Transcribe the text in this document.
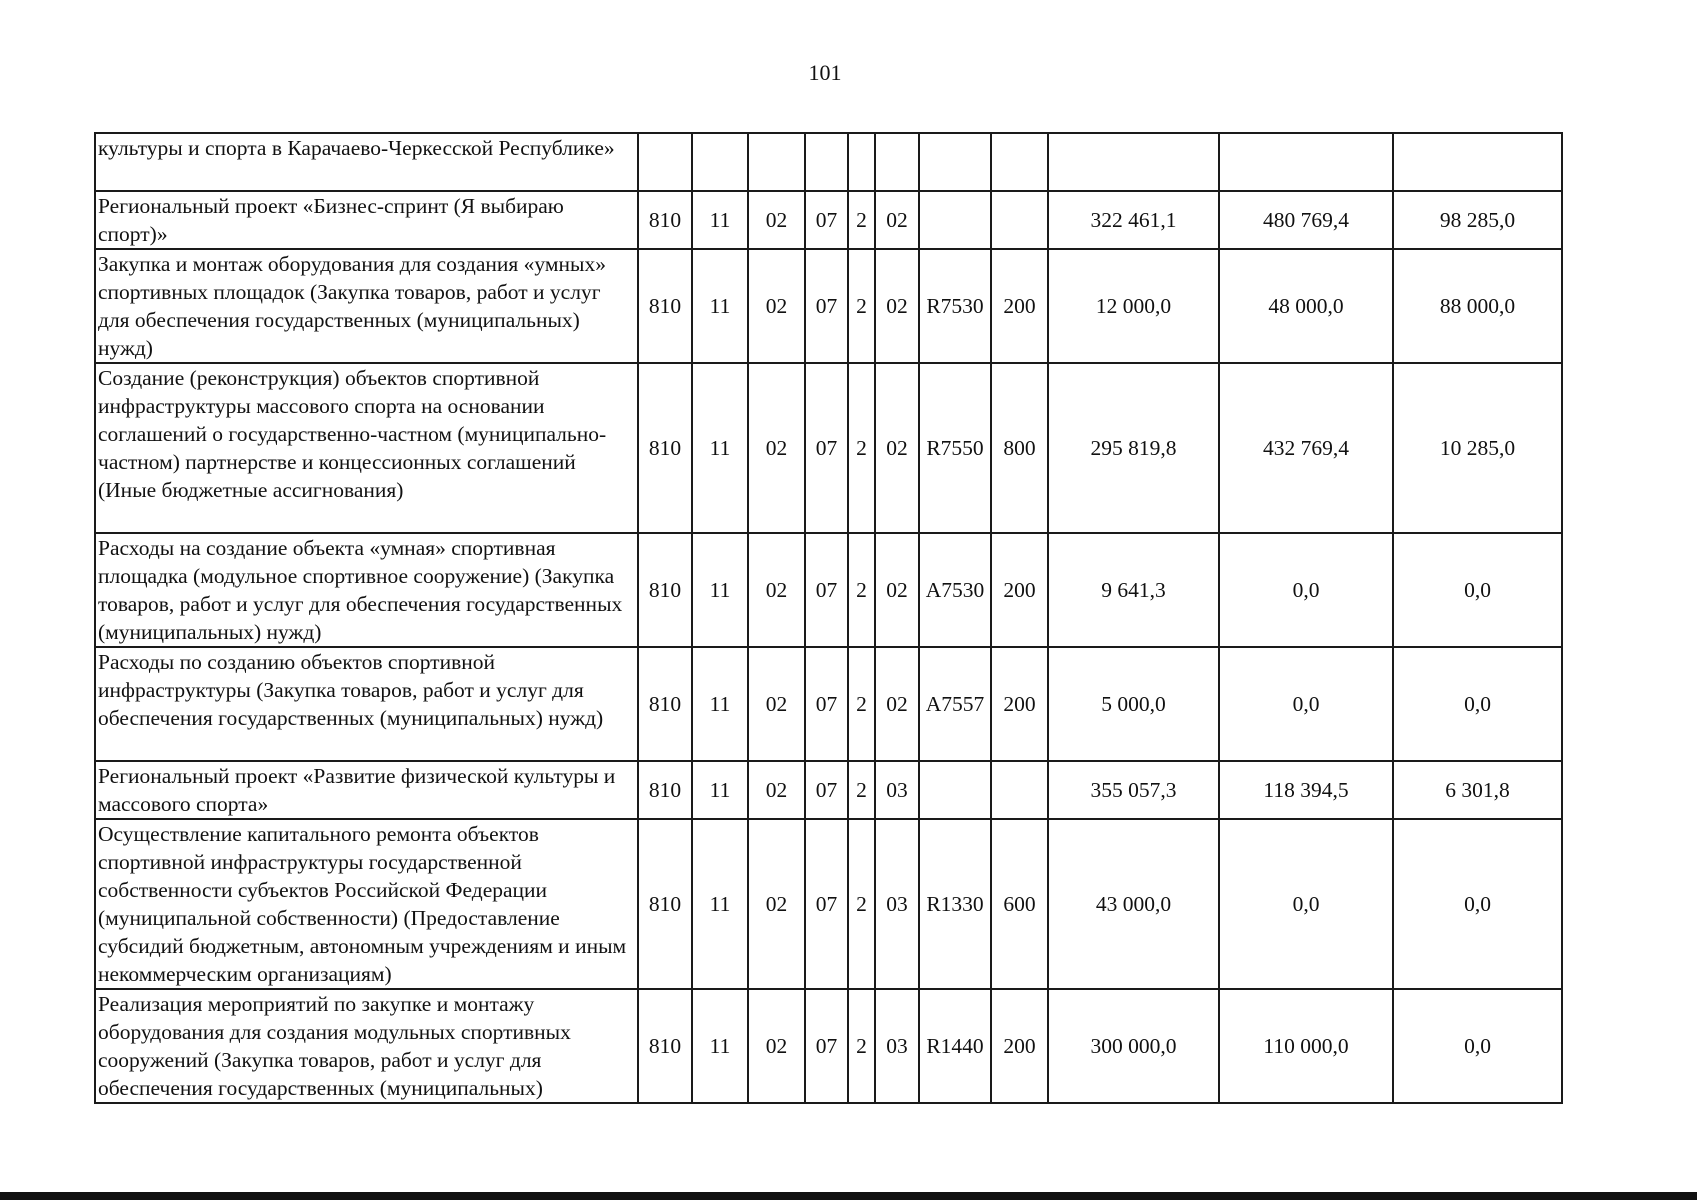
101
культуры и спорта в Карачаево-Черкесской Республике»											
Региональный проект «Бизнес-спринт (Я выбираю спорт)»	810	11	02	07	2	02			322 461,1	480 769,4	98 285,0
Закупка и монтаж оборудования для создания «умных» спортивных площадок (Закупка товаров, работ и услуг для обеспечения государственных (муниципальных) нужд)	810	11	02	07	2	02	R7530	200	12 000,0	48 000,0	88 000,0
Создание (реконструкция) объектов спортивной инфраструктуры массового спорта на основании соглашений о государственно-частном (муниципально-частном) партнерстве и концессионных соглашений (Иные бюджетные ассигнования)	810	11	02	07	2	02	R7550	800	295 819,8	432 769,4	10 285,0
Расходы на создание объекта «умная» спортивная площадка (модульное спортивное сооружение) (Закупка товаров, работ и услуг для обеспечения государственных (муниципальных) нужд)	810	11	02	07	2	02	A7530	200	9 641,3	0,0	0,0
Расходы по созданию объектов спортивной инфраструктуры (Закупка товаров, работ и услуг для обеспечения государственных (муниципальных) нужд)	810	11	02	07	2	02	A7557	200	5 000,0	0,0	0,0
Региональный проект «Развитие физической культуры и массового спорта»	810	11	02	07	2	03			355 057,3	118 394,5	6 301,8
Осуществление капитального ремонта объектов спортивной инфраструктуры государственной собственности субъектов Российской Федерации (муниципальной собственности) (Предоставление субсидий бюджетным, автономным учреждениям и иным некоммерческим организациям)	810	11	02	07	2	03	R1330	600	43 000,0	0,0	0,0
Реализация мероприятий по закупке и монтажу оборудования для создания модульных спортивных сооружений (Закупка товаров, работ и услуг для обеспечения государственных (муниципальных)	810	11	02	07	2	03	R1440	200	300 000,0	110 000,0	0,0
